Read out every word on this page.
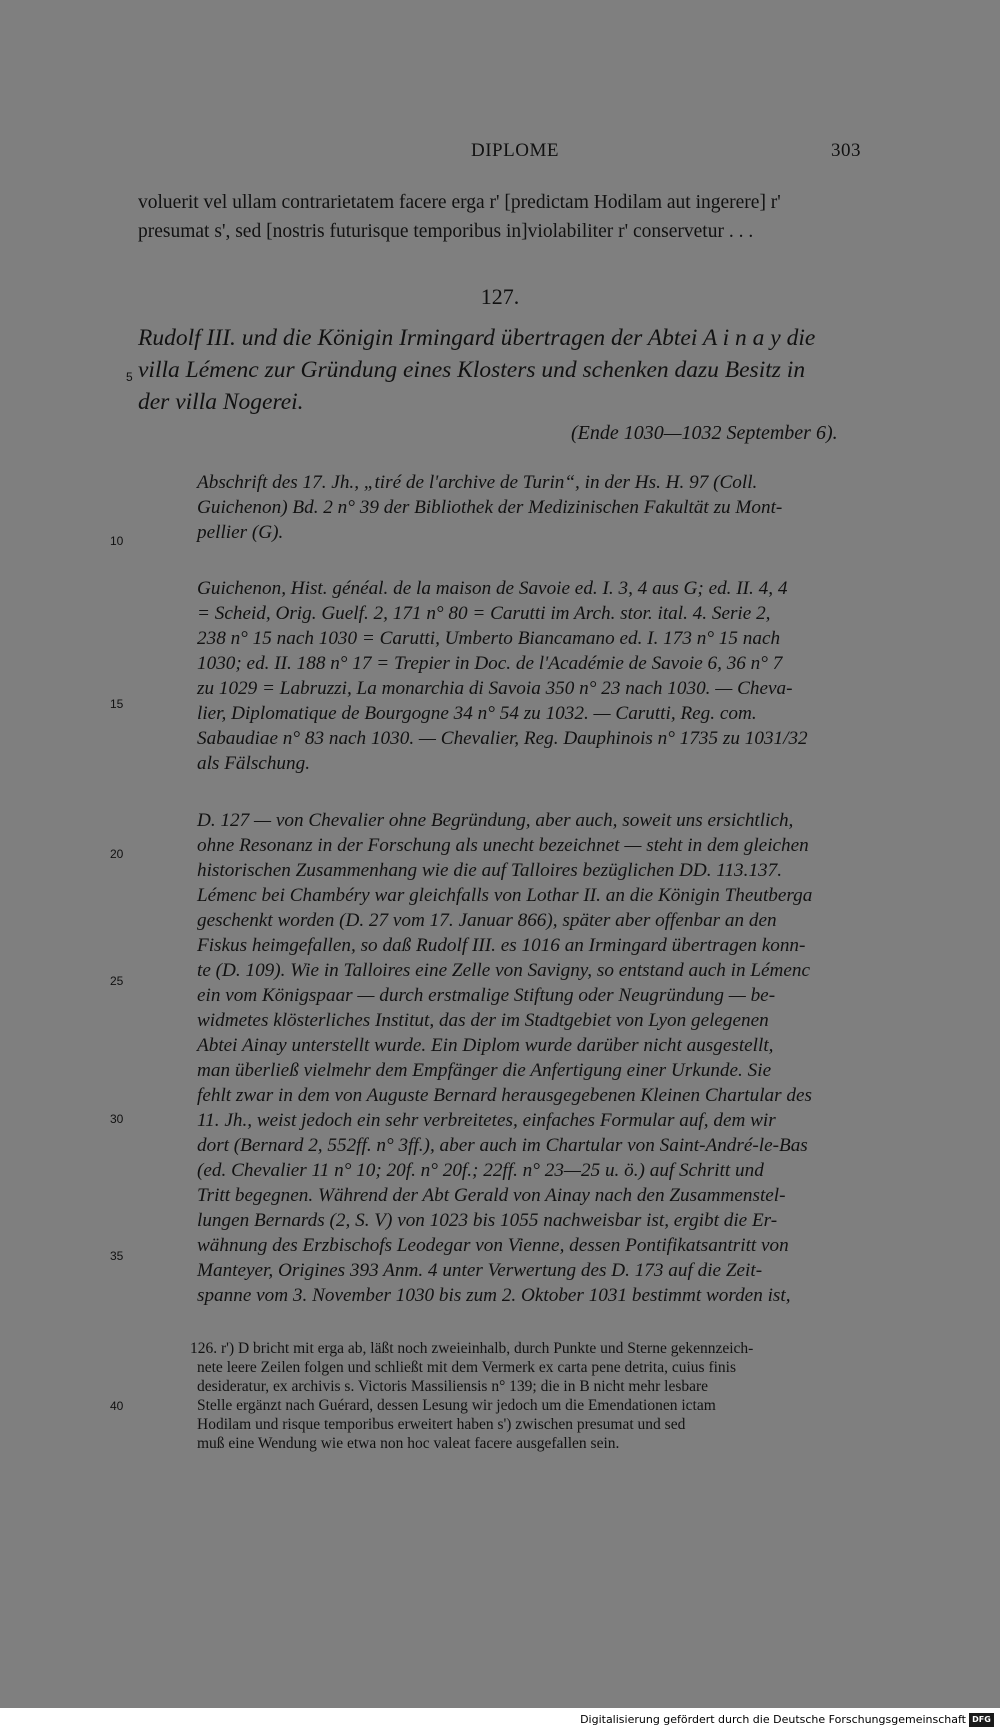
DIPLOME	303
voluerit vel ullam contrarietatem facere erga r' [predictam Hodilam aut ingerere] r'
presumat s', sed [nostris futurisque temporibus in]violabiliter r' conservetur . . .
127.
Rudolf III. und die Königin Irmingard übertragen der Abtei A i n a y die
villa Lémenc zur Gründung eines Klosters und schenken dazu Besitz in
der villa Nogerei.
(Ende 1030—1032 September 6).
Abschrift des 17. Jh., „tiré de l'archive de Turin“, in der Hs. H. 97 (Coll.
Guichenon) Bd. 2 n° 39 der Bibliothek der Medizinischen Fakultät zu Mont-
pellier (G).
Guichenon, Hist. généal. de la maison de Savoie ed. I. 3, 4 aus G; ed. II. 4, 4
= Scheid, Orig. Guelf. 2, 171 n° 80 = Carutti im Arch. stor. ital. 4. Serie 2,
238 n° 15 nach 1030 = Carutti, Umberto Biancamano ed. I. 173 n° 15 nach
1030; ed. II. 188 n° 17 = Trepier in Doc. de l'Académie de Savoie 6, 36 n° 7
zu 1029 = Labruzzi, La monarchia di Savoia 350 n° 23 nach 1030. — Cheva-
lier, Diplomatique de Bourgogne 34 n° 54 zu 1032. — Carutti, Reg. com.
Sabaudiae n° 83 nach 1030. — Chevalier, Reg. Dauphinois n° 1735 zu 1031/32
als Fälschung.
D. 127 — von Chevalier ohne Begründung, aber auch, soweit uns ersichtlich,
ohne Resonanz in der Forschung als unecht bezeichnet — steht in dem gleichen
historischen Zusammenhang wie die auf Talloires bezüglichen DD. 113.137.
Lémenc bei Chambéry war gleichfalls von Lothar II. an die Königin Theutberga
geschenkt worden (D. 27 vom 17. Januar 866), später aber offenbar an den
Fiskus heimgefallen, so daß Rudolf III. es 1016 an Irmingard übertragen konn-
te (D. 109). Wie in Talloires eine Zelle von Savigny, so entstand auch in Lémenc
ein vom Königspaar — durch erstmalige Stiftung oder Neugründung — be-
widmetes klösterliches Institut, das der im Stadtgebiet von Lyon gelegenen
Abtei Ainay unterstellt wurde. Ein Diplom wurde darüber nicht ausgestellt,
man überließ vielmehr dem Empfänger die Anfertigung einer Urkunde. Sie
fehlt zwar in dem von Auguste Bernard herausgegebenen Kleinen Chartular des
11. Jh., weist jedoch ein sehr verbreitetes, einfaches Formular auf, dem wir
dort (Bernard 2, 552ff. n° 3ff.), aber auch im Chartular von Saint-André-le-Bas
(ed. Chevalier 11 n° 10; 20f. n° 20f.; 22ff. n° 23—25 u. ö.) auf Schritt und
Tritt begegnen. Während der Abt Gerald von Ainay nach den Zusammenstel-
lungen Bernards (2, S. V) von 1023 bis 1055 nachweisbar ist, ergibt die Er-
wähnung des Erzbischofs Leodegar von Vienne, dessen Pontifikatsantritt von
Manteyer, Origines 393 Anm. 4 unter Verwertung des D. 173 auf die Zeit-
spanne vom 3. November 1030 bis zum 2. Oktober 1031 bestimmt worden ist,
126. r') D bricht mit erga ab, läßt noch zweieinhalb, durch Punkte und Sterne gekennzeich-
nete leere Zeilen folgen und schließt mit dem Vermerk ex carta pene detrita, cuius finis
desideratur, ex archivis s. Victoris Massiliensis n° 139; die in B nicht mehr lesbare
Stelle ergänzt nach Guérard, dessen Lesung wir jedoch um die Emendationen ictam
Hodilam und risque temporibus erweitert haben s') zwischen presumat und sed
muß eine Wendung wie etwa non hoc valeat facere ausgefallen sein.
5
10
15
20
25
30
35
40
Digitalisierung gefördert durch die Deutsche Forschungsgemeinschaft DFG
